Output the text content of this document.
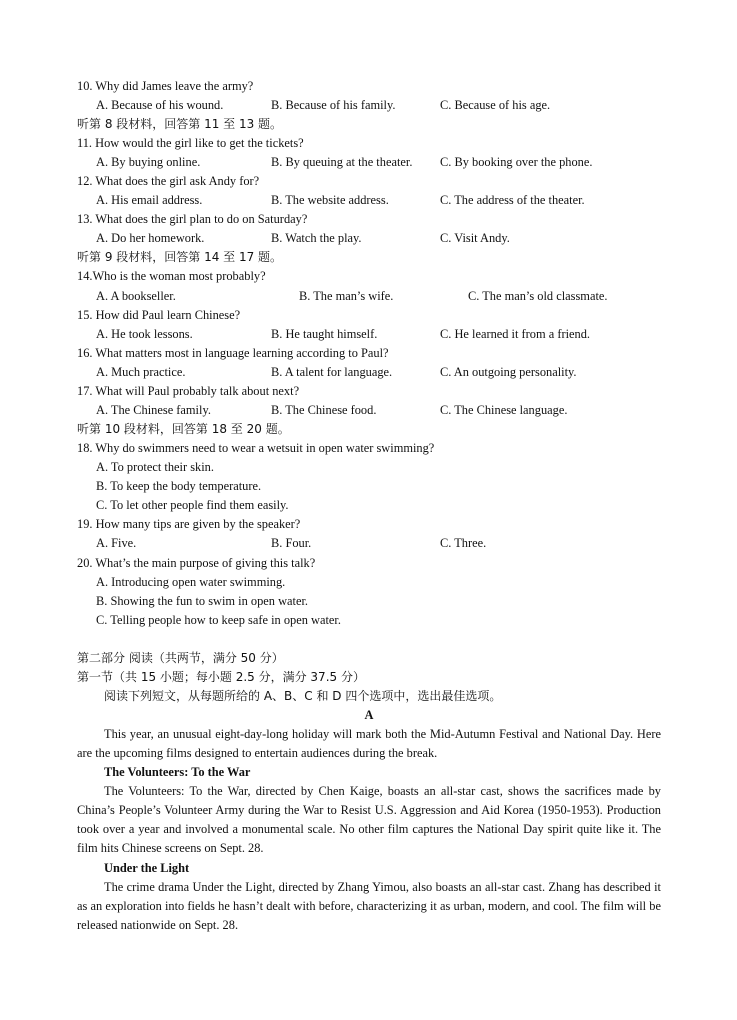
10. Why did James leave the army?
A. Because of his wound.	B. Because of his family.	C. Because of his age.
听第 8 段材料，回答第 11 至 13 题。
11. How would the girl like to get the tickets?
A. By buying online.	B. By queuing at the theater. C. By booking over the phone.
12. What does the girl ask Andy for?
A. His email address.	B. The website address.	C. The address of the theater.
13. What does the girl plan to do on Saturday?
A. Do her homework.	B. Watch the play.	C. Visit Andy.
听第 9 段材料，回答第 14 至 17 题。
14.Who is the woman most probably?
A. A bookseller.	B. The man’s wife.	C. The man’s old classmate.
15. How did Paul learn Chinese?
A. He took lessons.	B. He taught himself.	C. He learned it from a friend.
16. What matters most in language learning according to Paul?
A. Much practice.	B. A talent for language.	C. An outgoing personality.
17. What will Paul probably talk about next?
A. The Chinese family.	B. The Chinese food.	C. The Chinese language.
听第 10 段材料，回答第 18 至 20 题。
18. Why do swimmers need to wear a wetsuit in open water swimming?
A. To protect their skin.
B. To keep the body temperature.
C. To let other people find them easily.
19. How many tips are given by the speaker?
A. Five.	B. Four.	C. Three.
20. What’s the main purpose of giving this talk?
A. Introducing open water swimming.
B. Showing the fun to swim in open water.
C. Telling people how to keep safe in open water.
第二部分 阅读（共两节，满分 50 分）
第一节（共 15 小题；每小题 2.5 分，满分 37.5 分）
阅读下列短文，从每题所给的 A、B、C 和 D 四个选项中，选出最佳选项。
A

This year, an unusual eight-day-long holiday will mark both the Mid-Autumn Festival and National Day. Here are the upcoming films designed to entertain audiences during the break.

The Volunteers: To the War

The Volunteers: To the War, directed by Chen Kaige, boasts an all-star cast, shows the sacrifices made by China’s People’s Volunteer Army during the War to Resist U.S. Aggression and Aid Korea (1950-1953). Production took over a year and involved a monumental scale. No other film captures the National Day spirit quite like it. The film hits Chinese screens on Sept. 28.

Under the Light

The crime drama Under the Light, directed by Zhang Yimou, also boasts an all-star cast. Zhang has described it as an exploration into fields he hasn’t dealt with before, characterizing it as urban, modern, and cool. The film will be released nationwide on Sept. 28.
